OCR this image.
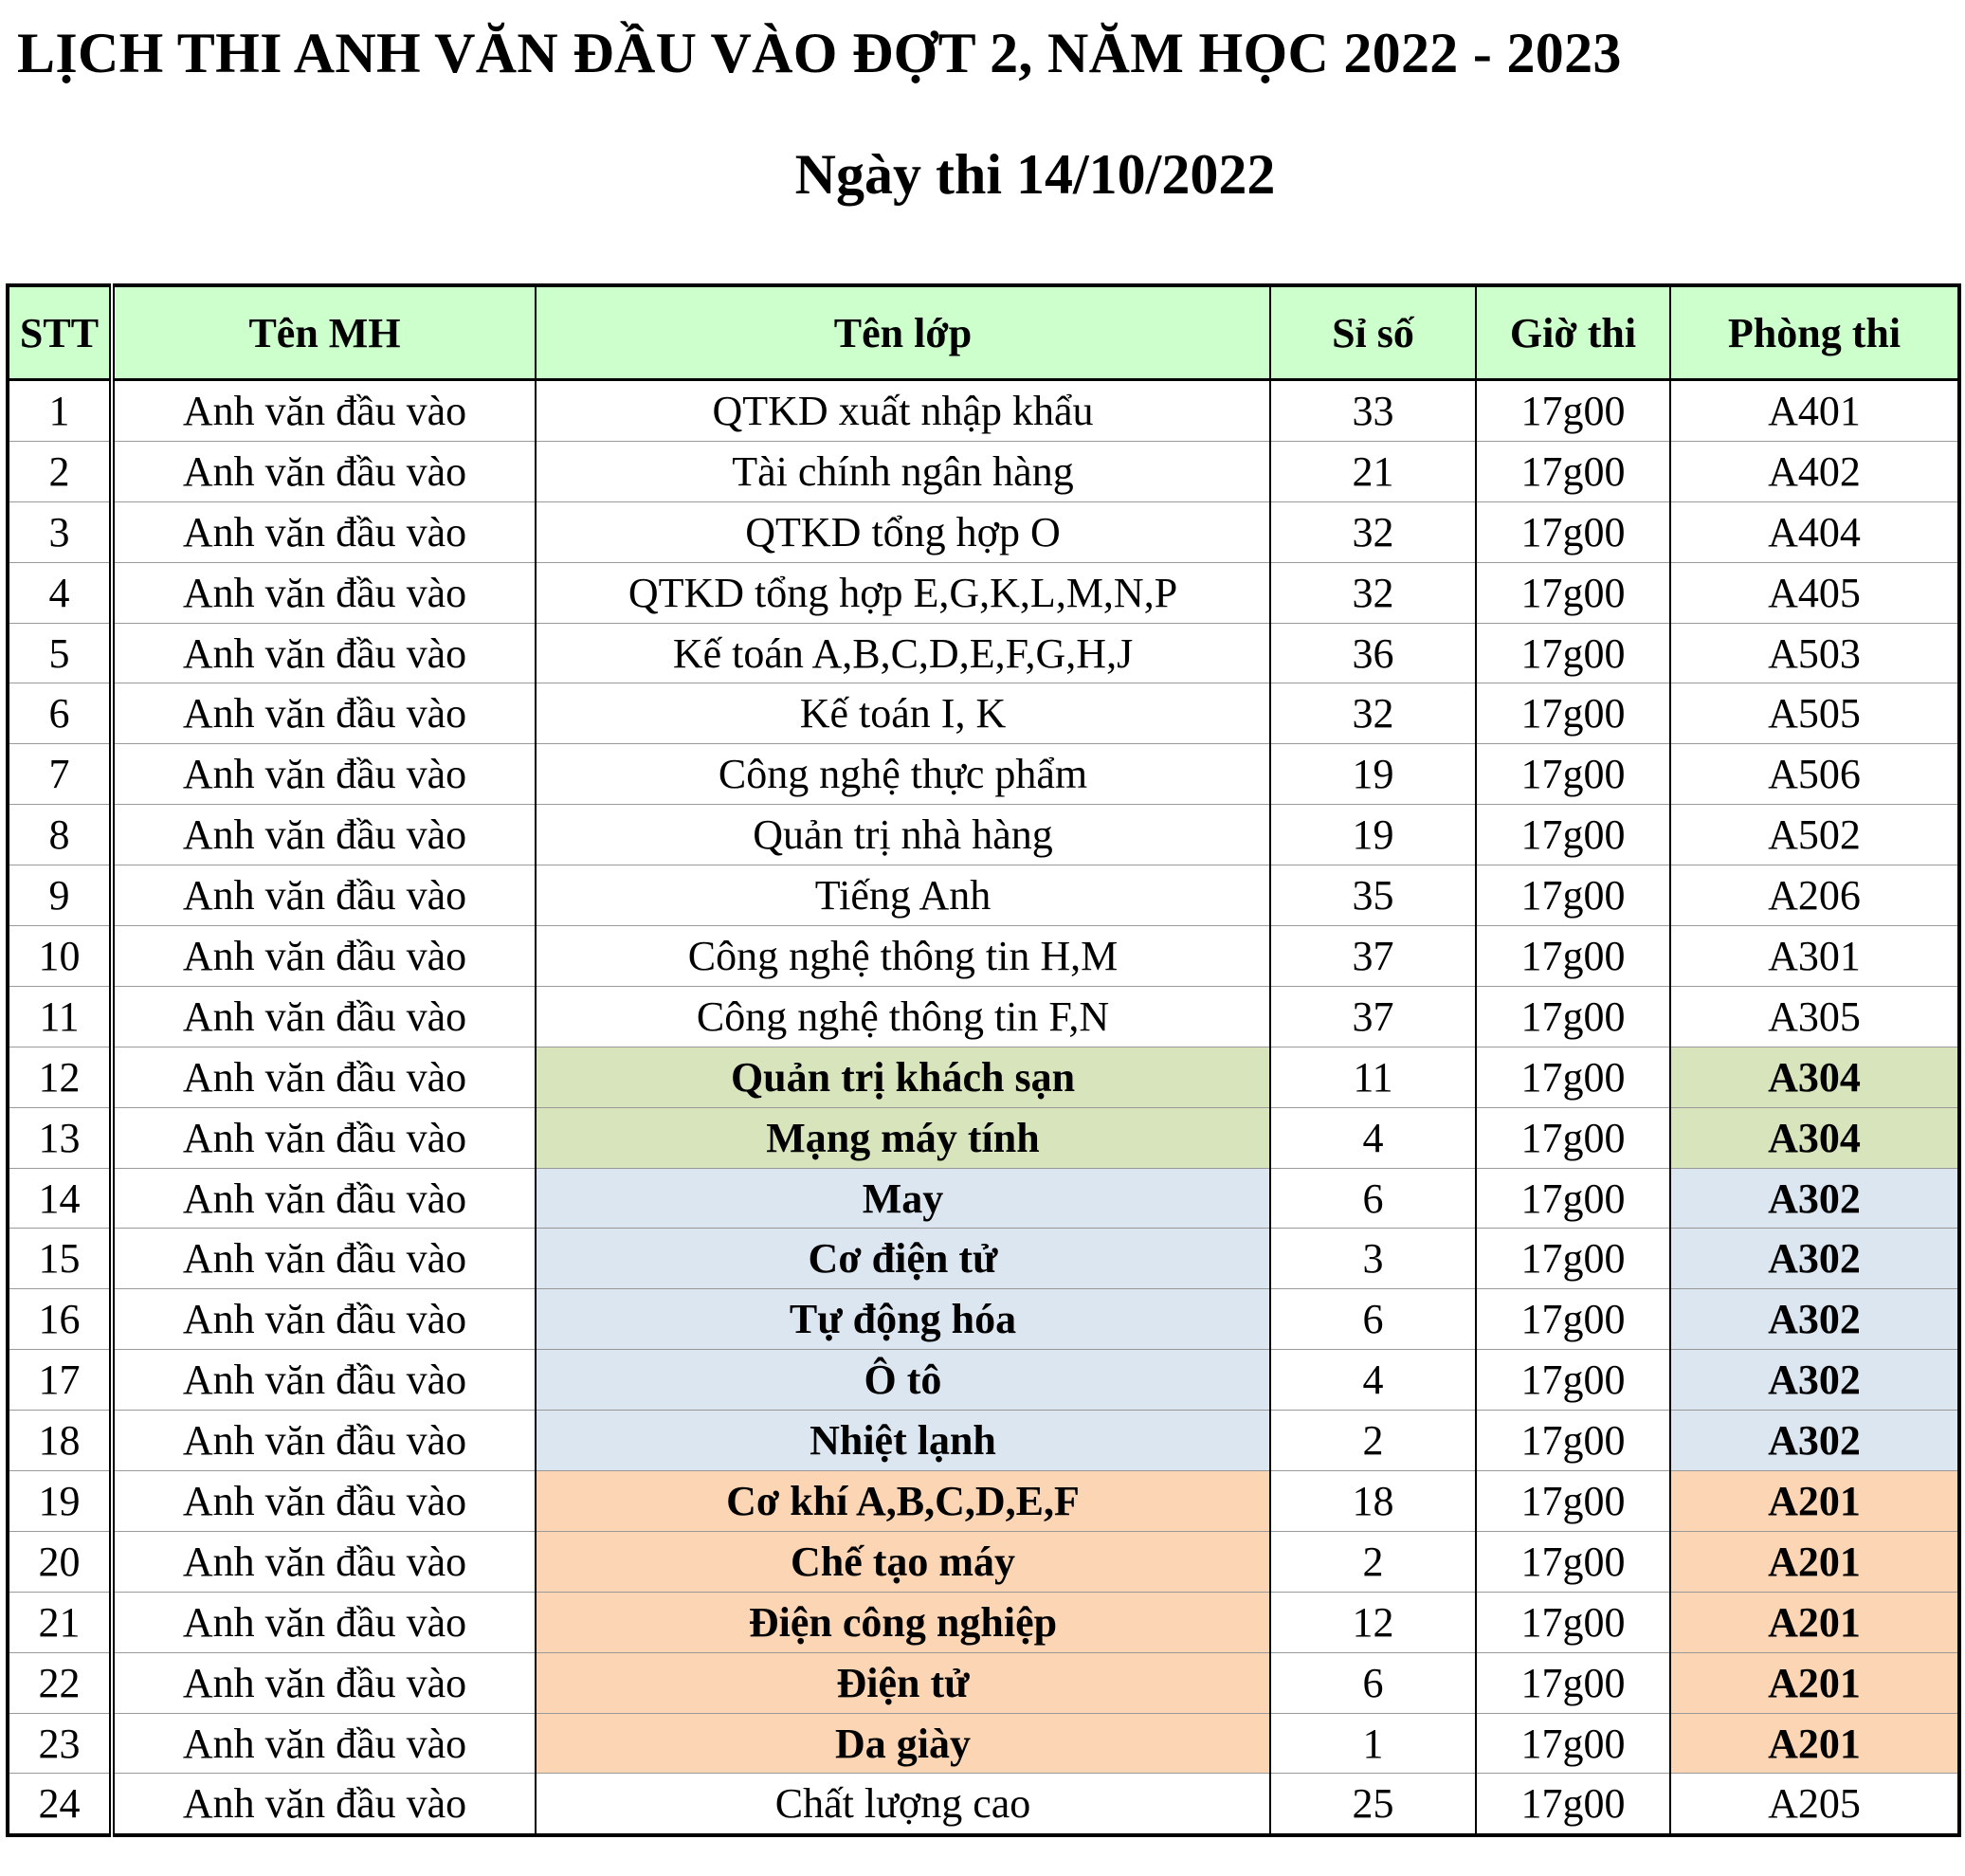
LỊCH THI ANH VĂN ĐẦU VÀO ĐỢT 2, NĂM HỌC 2022 - 2023
Ngày thi 14/10/2022
STT	Tên MH	Tên lớp	Sỉ số	Giờ thi	Phòng thi
1	Anh văn đầu vào	QTKD xuất nhập khẩu	33	17g00	A401
2	Anh văn đầu vào	Tài chính ngân hàng	21	17g00	A402
3	Anh văn đầu vào	QTKD tổng hợp O	32	17g00	A404
4	Anh văn đầu vào	QTKD tổng hợp E,G,K,L,M,N,P	32	17g00	A405
5	Anh văn đầu vào	Kế toán A,B,C,D,E,F,G,H,J	36	17g00	A503
6	Anh văn đầu vào	Kế toán I, K	32	17g00	A505
7	Anh văn đầu vào	Công nghệ thực phẩm	19	17g00	A506
8	Anh văn đầu vào	Quản trị nhà hàng	19	17g00	A502
9	Anh văn đầu vào	Tiếng Anh	35	17g00	A206
10	Anh văn đầu vào	Công nghệ thông tin H,M	37	17g00	A301
11	Anh văn đầu vào	Công nghệ thông tin F,N	37	17g00	A305
12	Anh văn đầu vào	Quản trị khách sạn	11	17g00	A304
13	Anh văn đầu vào	Mạng máy tính	4	17g00	A304
14	Anh văn đầu vào	May	6	17g00	A302
15	Anh văn đầu vào	Cơ điện tử	3	17g00	A302
16	Anh văn đầu vào	Tự động hóa	6	17g00	A302
17	Anh văn đầu vào	Ô tô	4	17g00	A302
18	Anh văn đầu vào	Nhiệt lạnh	2	17g00	A302
19	Anh văn đầu vào	Cơ khí A,B,C,D,E,F	18	17g00	A201
20	Anh văn đầu vào	Chế tạo máy	2	17g00	A201
21	Anh văn đầu vào	Điện công nghiệp	12	17g00	A201
22	Anh văn đầu vào	Điện tử	6	17g00	A201
23	Anh văn đầu vào	Da giày	1	17g00	A201
24	Anh văn đầu vào	Chất lượng cao	25	17g00	A205
